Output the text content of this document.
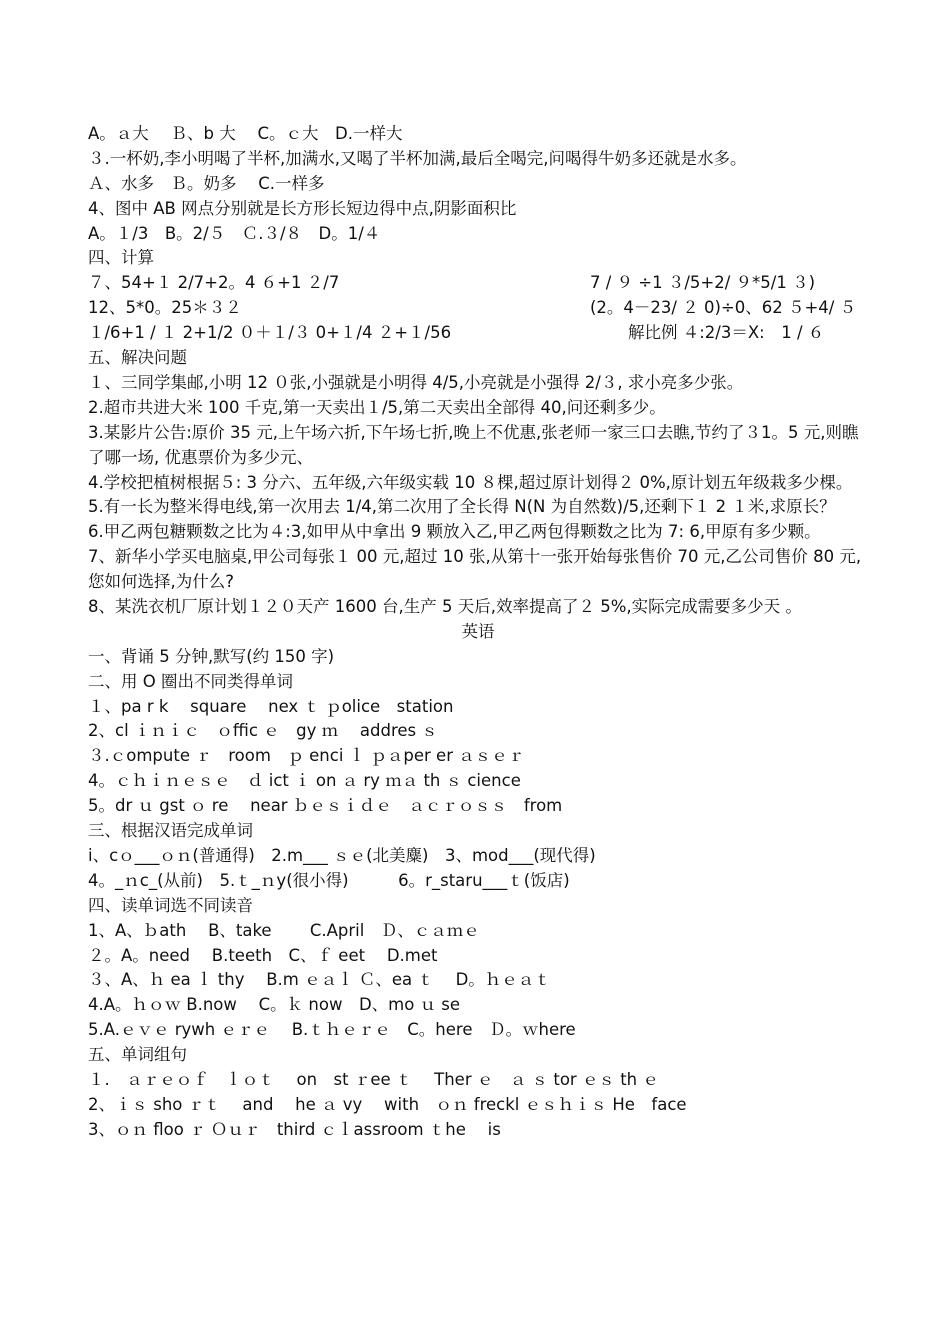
A。ａ大　 Ｂ、b 大　 C。ｃ大　D.一样大
３.一杯奶,李小明喝了半杯,加满水,又喝了半杯加满,最后全喝完,问喝得牛奶多还就是水多。
Ａ、水多　Ｂ。奶多　 C.一样多
4、图中 AB 网点分别就是长方形长短边得中点,阴影面积比
A。１/3　B。2/５　Ｃ.３/８　D。1/４
四、计算
７、54+１ 2/7+2。4 ６+1 ２/7	7 / ９ ÷1 ３/5+2/ ９*5/1 ３)
12、5*0。25＊３２	(2。4－23/ ２ 0)÷0、62 ５+4/ ５
１/6+1 / １ 2+1/2 ０＋１/３ 0+１/4 ２+１/56	解比例 ４:2/3＝X:　1 / ６
五、解决问题
１、三同学集邮,小明 12 ０张,小强就是小明得 4/5,小亮就是小强得 2/３, 求小亮多少张。
2.超市共进大米 100 千克,第一天卖出１/5,第二天卖出全部得 40,问还剩多少。
3.某影片公告:原价 35 元,上午场六折,下午场七折,晚上不优惠,张老师一家三口去瞧,节约了３1。5 元,则瞧了哪一场, 优惠票价为多少元、
4.学校把植树根据５: 3 分六、五年级,六年级实载 10 ８棵,超过原计划得２ 0%,原计划五年级栽多少棵。
5.有一长为整米得电线,第一次用去 1/4,第二次用了全长得 N(N 为自然数)/5,还剩下１ 2 １米,求原长？
6.甲乙两包糖颗数之比为４:3,如甲从中拿出 9 颗放入乙,甲乙两包得颗数之比为 7: 6,甲原有多少颗。
7、新华小学买电脑桌,甲公司每张１ 00 元,超过 10 张,从第十一张开始每张售价 70 元,乙公司售价 80 元,您如何选择,为什么?
8、某洗衣机厂原计划１２０天产 1600 台,生产 5 天后,效率提高了２ 5%,实际完成需要多少天 。
英语
一、背诵 5 分钟,默写(约 150 字)
二、用 O 圈出不同类得单词
１、pa r k　 square　 nex ｔ ｐolice　station
2、cl ｉｎｉｃ　ｏffic ｅ　gy ｍ　 addres ｓ
３.ｃompute ｒ　room　ｐ enci ｌ ｐａper er ａｓｅｒ
4。ｃｈｉｎｅｓｅ　ｄ ict ｉ on ａ ry ｍａ th ｓ cience
5。dr ｕ gst ｏ re　 near ｂｅｓｉｄｅ　ａｃｒｏｓｓ　from
三、根据汉语完成单词
i、cｏ___ｏｎ(普通得)　2.m___ ｓｅ(北美麋)　3、mod___(现代得)
4。_ｎc_(从前)　5.ｔ_ｎy(很小得)　　　6。r_staru___ｔ(饭店)
四、读单词选不同读音
1、A、ｂath　 B、take　　 C.April　Ｄ、ｃａｍｅ
２。A。need　 B.teeth　C、ｆ eet　 D.met
３、A、ｈ ea ｌ thy　 B.m ｅａｌ Ｃ、ea ｔ　 D。ｈｅａｔ
4.A。ｈｏｗ B.now　 C。ｋ now　D、mo ｕ se
5.A.ｅｖｅ rywh ｅｒｅ　 B.ｔｈｅｒｅ　C。here　Ｄ。ｗhere
五、单词组句
１.　ａｒｅｏｆ　ｌｏｔ　 on　st ｒee ｔ　 Ther ｅ　ａ ｓ tor ｅｓ th ｅ
2、ｉｓ sho ｒｔ　 and　 he ａ vy　 with　ｏｎ freckl ｅｓｈｉｓ He　face
3、ｏｎ floo ｒ Ｏｕｒ　third ｃｌassroom ｔhe　 is
